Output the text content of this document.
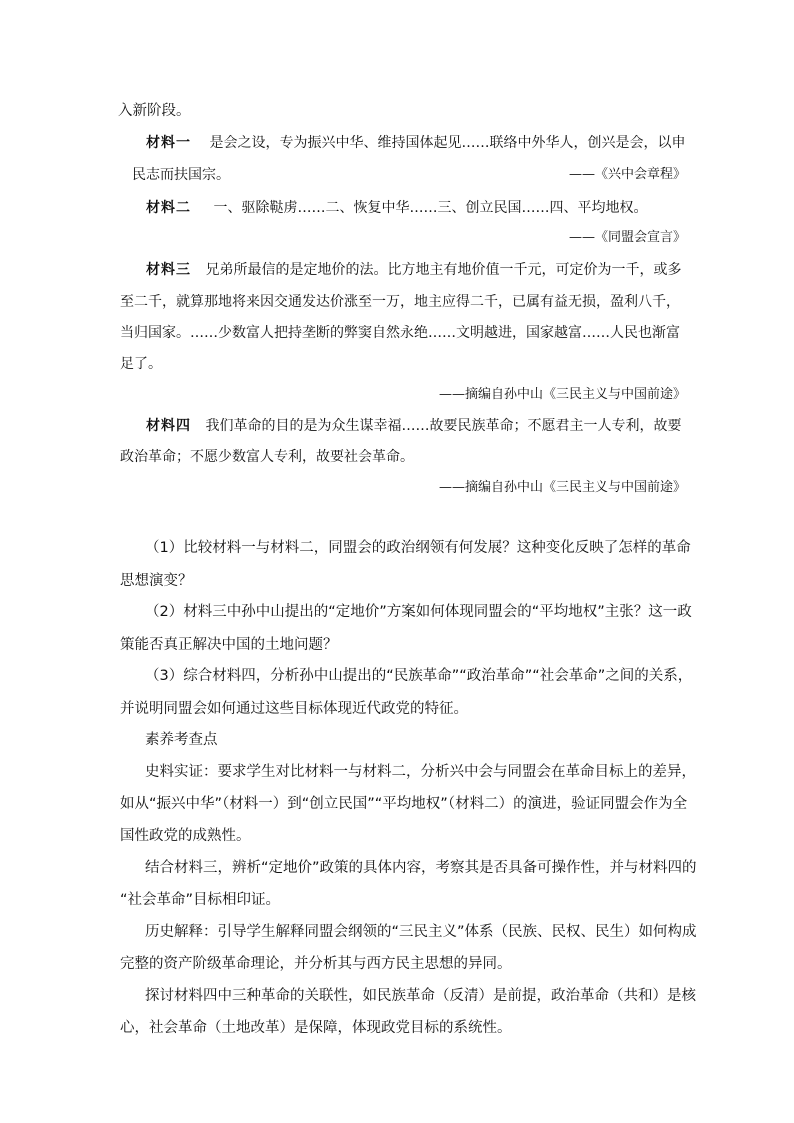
入新阶段。
材料一 是会之设，专为振兴中华、维持国体起见……联络中外华人，创兴是会，以申
民志而扶国宗。	——《兴中会章程》
材料二 一、驱除鞑虏……二、恢复中华……三、创立民国……四、平均地权。
——《同盟会宣言》
材料三 兄弟所最信的是定地价的法。比方地主有地价值一千元，可定价为一千，或多
至二千，就算那地将来因交通发达价涨至一万，地主应得二千，已属有益无损，盈利八千，
当归国家。……少数富人把持垄断的弊窦自然永绝……文明越进，国家越富……人民也渐富
足了。
——摘编自孙中山《三民主义与中国前途》
材料四 我们革命的目的是为众生谋幸福……故要民族革命；不愿君主一人专利，故要
政治革命；不愿少数富人专利，故要社会革命。
——摘编自孙中山《三民主义与中国前途》
（1）比较材料一与材料二，同盟会的政治纲领有何发展？这种变化反映了怎样的革命
思想演变？
（2）材料三中孙中山提出的“定地价”方案如何体现同盟会的“平均地权”主张？这一政
策能否真正解决中国的土地问题？
（3）综合材料四，分析孙中山提出的“民族革命”“政治革命”“社会革命”之间的关系，
并说明同盟会如何通过这些目标体现近代政党的特征。
素养考查点
史料实证：要求学生对比材料一与材料二，分析兴中会与同盟会在革命目标上的差异，
如从“振兴中华”（材料一）到“创立民国”“平均地权”（材料二）的演进，验证同盟会作为全
国性政党的成熟性。
结合材料三，辨析“定地价”政策的具体内容，考察其是否具备可操作性，并与材料四的
“社会革命”目标相印证。
历史解释：引导学生解释同盟会纲领的“三民主义”体系（民族、民权、民生）如何构成
完整的资产阶级革命理论，并分析其与西方民主思想的异同。
探讨材料四中三种革命的关联性，如民族革命（反清）是前提，政治革命（共和）是核
心，社会革命（土地改革）是保障，体现政党目标的系统性。
